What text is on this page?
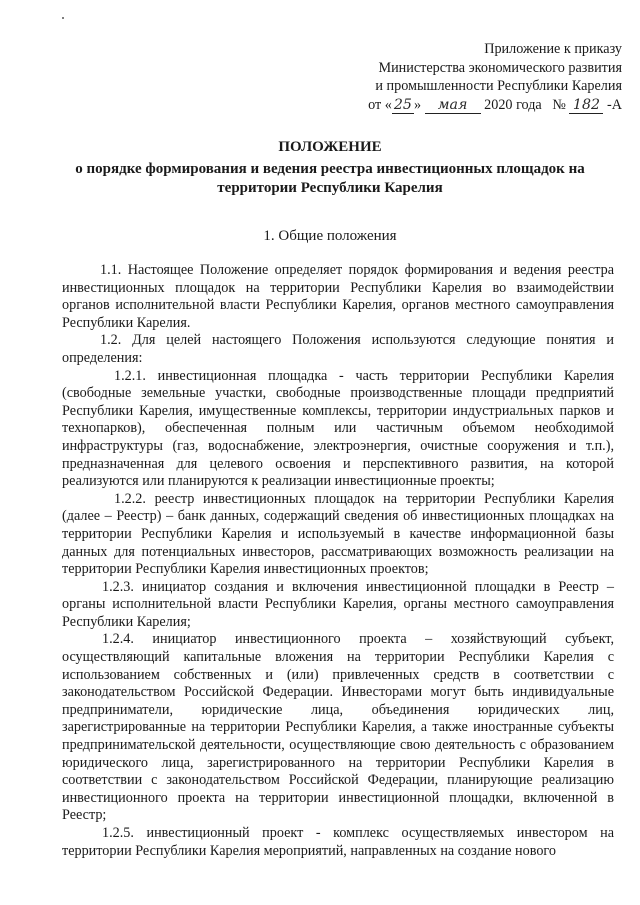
Приложение к приказу
Министерства экономического развития
и промышленности Республики Карелия
от « 25 » мая 2020 года № 182 -А
ПОЛОЖЕНИЕ
о порядке формирования и ведения реестра инвестиционных площадок на
территории Республики Карелия
1. Общие положения

1.1. Настоящее Положение определяет порядок формирования и ведения реестра инвестиционных площадок на территории Республики Карелия во взаимодействии органов исполнительной власти Республики Карелия, органов местного самоуправления Республики Карелия.

1.2. Для целей настоящего Положения используются следующие понятия и определения:

1.2.1. инвестиционная площадка - часть территории Республики Карелия (свободные земельные участки, свободные производственные площади предприятий Республики Карелия, имущественные комплексы, территории индустриальных парков и технопарков), обеспеченная полным или частичным объемом необходимой инфраструктуры (газ, водоснабжение, электроэнергия, очистные сооружения и т.п.), предназначенная для целевого освоения и перспективного развития, на которой реализуются или планируются к реализации инвестиционные проекты;

1.2.2. реестр инвестиционных площадок на территории Республики Карелия (далее – Реестр) – банк данных, содержащий сведения об инвестиционных площадках на территории Республики Карелия и используемый в качестве информационной базы данных для потенциальных инвесторов, рассматривающих возможность реализации на территории Республики Карелия инвестиционных проектов;

1.2.3. инициатор создания и включения инвестиционной площадки в Реестр – органы исполнительной власти Республики Карелия, органы местного самоуправления Республики Карелия;

1.2.4. инициатор инвестиционного проекта – хозяйствующий субъект, осуществляющий капитальные вложения на территории Республики Карелия с использованием собственных и (или) привлеченных средств в соответствии с законодательством Российской Федерации. Инвесторами могут быть индивидуальные предприниматели, юридические лица, объединения юридических лиц, зарегистрированные на территории Республики Карелия, а также иностранные субъекты предпринимательской деятельности, осуществляющие свою деятельность с образованием юридического лица, зарегистрированного на территории Республики Карелия в соответствии с законодательством Российской Федерации, планирующие реализацию инвестиционного проекта на территории инвестиционной площадки, включенной в Реестр;

1.2.5. инвестиционный проект - комплекс осуществляемых инвестором на территории Республики Карелия мероприятий, направленных на создание нового
